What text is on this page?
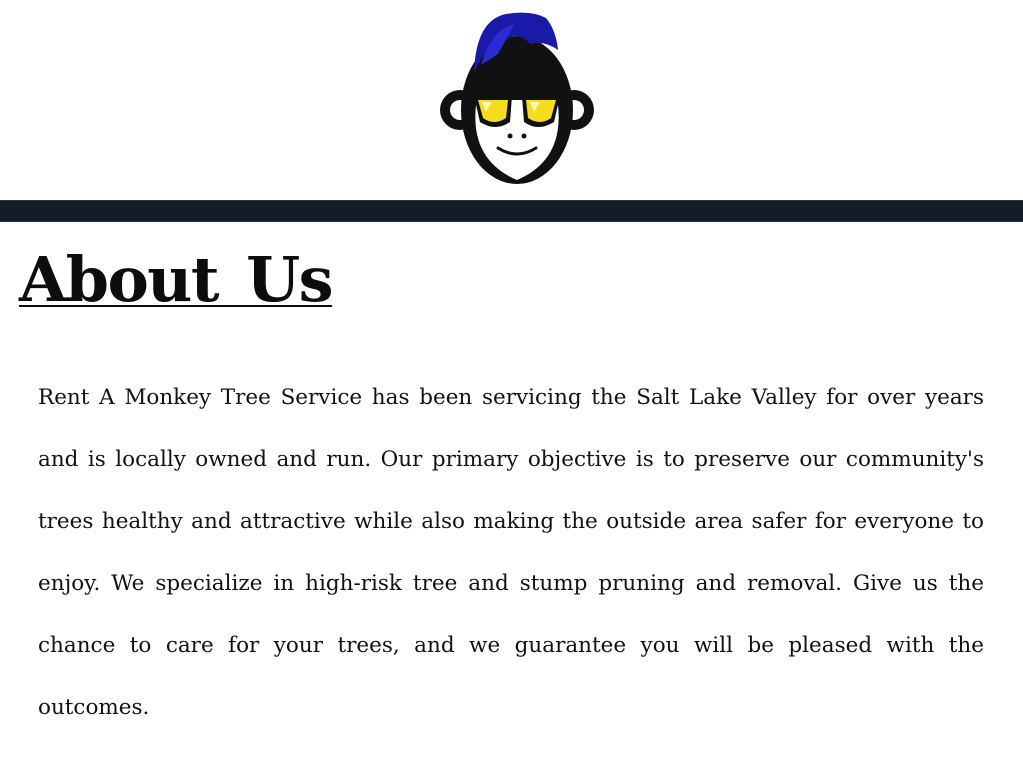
About Us

Rent A Monkey Tree Service has been servicing the Salt Lake Valley for over years and is locally owned and run. Our primary objective is to preserve our community's trees healthy and attractive while also making the outside area safer for everyone to enjoy. We specialize in high-risk tree and stump pruning and removal. Give us the chance to care for your trees, and we guarantee you will be pleased with the outcomes.
